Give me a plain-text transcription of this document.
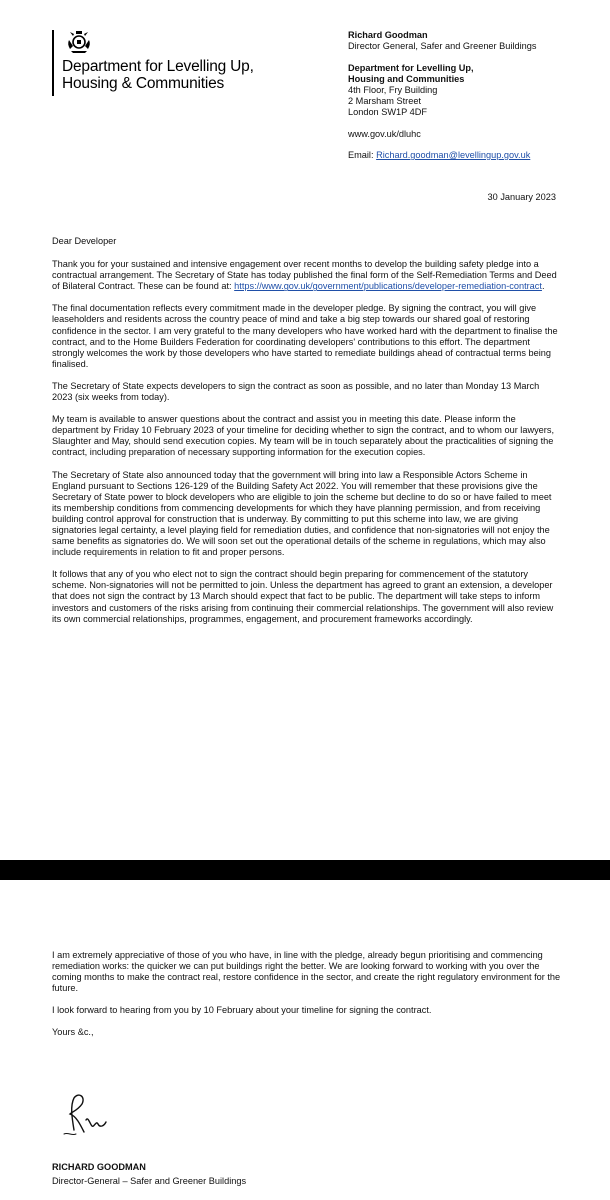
Department for Levelling Up,
Housing & Communities
Richard Goodman
Director General, Safer and Greener Buildings
Department for Levelling Up,
Housing and Communities
4th Floor, Fry Building
2 Marsham Street
London SW1P 4DF
www.gov.uk/dluhc
Email: Richard.goodman@levellingup.gov.uk
30 January 2023

Dear Developer

Thank you for your sustained and intensive engagement over recent months to develop the building safety pledge into a contractual arrangement. The Secretary of State has today published the final form of the Self-Remediation Terms and Deed of Bilateral Contract. These can be found at: https://www.gov.uk/government/publications/developer-remediation-contract.

The final documentation reflects every commitment made in the developer pledge. By signing the contract, you will give leaseholders and residents across the country peace of mind and take a big step towards our shared goal of restoring confidence in the sector. I am very grateful to the many developers who have worked hard with the department to finalise the contract, and to the Home Builders Federation for coordinating developers' contributions to this effort. The department strongly welcomes the work by those developers who have started to remediate buildings ahead of contractual terms being finalised.

The Secretary of State expects developers to sign the contract as soon as possible, and no later than Monday 13 March 2023 (six weeks from today).

My team is available to answer questions about the contract and assist you in meeting this date. Please inform the department by Friday 10 February 2023 of your timeline for deciding whether to sign the contract, and to whom our lawyers, Slaughter and May, should send execution copies. My team will be in touch separately about the practicalities of signing the contract, including preparation of necessary supporting information for the execution copies.

The Secretary of State also announced today that the government will bring into law a Responsible Actors Scheme in England pursuant to Sections 126-129 of the Building Safety Act 2022. You will remember that these provisions give the Secretary of State power to block developers who are eligible to join the scheme but decline to do so or have failed to meet its membership conditions from commencing developments for which they have planning permission, and from receiving building control approval for construction that is underway. By committing to put this scheme into law, we are giving signatories legal certainty, a level playing field for remediation duties, and confidence that non-signatories will not enjoy the same benefits as signatories do. We will soon set out the operational details of the scheme in regulations, which may also include requirements in relation to fit and proper persons.

It follows that any of you who elect not to sign the contract should begin preparing for commencement of the statutory scheme. Non-signatories will not be permitted to join. Unless the department has agreed to grant an extension, a developer that does not sign the contract by 13 March should expect that fact to be public. The department will take steps to inform investors and customers of the risks arising from continuing their commercial relationships. The government will also review its own commercial relationships, programmes, engagement, and procurement frameworks accordingly.

I am extremely appreciative of those of you who have, in line with the pledge, already begun prioritising and commencing remediation works: the quicker we can put buildings right the better. We are looking forward to working with you over the coming months to make the contract real, restore confidence in the sector, and create the right regulatory environment for the future.

I look forward to hearing from you by 10 February about your timeline for signing the contract.

Yours &c.,

RICHARD GOODMAN
Director-General – Safer and Greener Buildings
